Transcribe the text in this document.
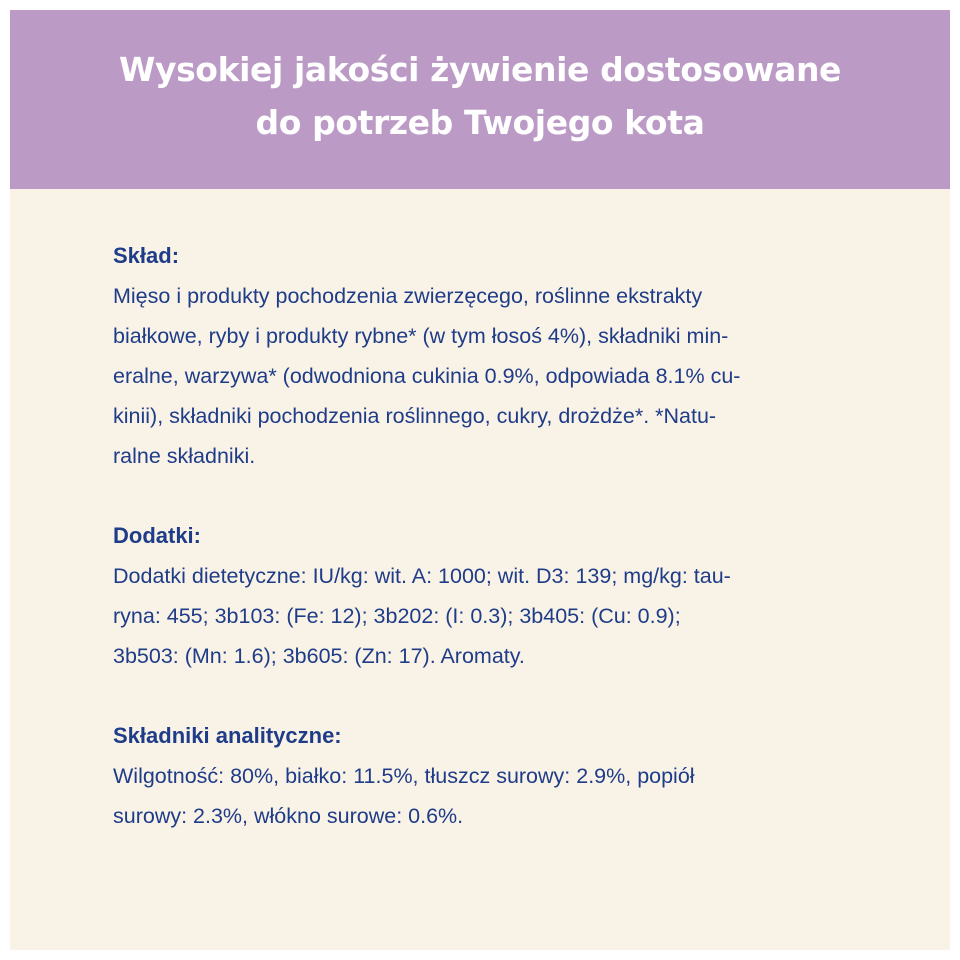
Wysokiej jakości żywienie dostosowane
do potrzeb Twojego kota
Skład:

Mięso i produkty pochodzenia zwierzęcego, roślinne ekstrakty
białkowe, ryby i produkty rybne* (w tym łosoś 4%), składniki min-
eralne, warzywa* (odwodniona cukinia 0.9%, odpowiada 8.1% cu-
kinii), składniki pochodzenia roślinnego, cukry, drożdże*. *Natu-
ralne składniki.

Dodatki:

Dodatki dietetyczne: IU/kg: wit. A: 1000; wit. D3: 139; mg/kg: tau-
ryna: 455; 3b103: (Fe: 12); 3b202: (I: 0.3); 3b405: (Cu: 0.9);
3b503: (Mn: 1.6); 3b605: (Zn: 17). Aromaty.

Składniki analityczne:

Wilgotność: 80%, białko: 11.5%, tłuszcz surowy: 2.9%, popiół
surowy: 2.3%, włókno surowe: 0.6%.
